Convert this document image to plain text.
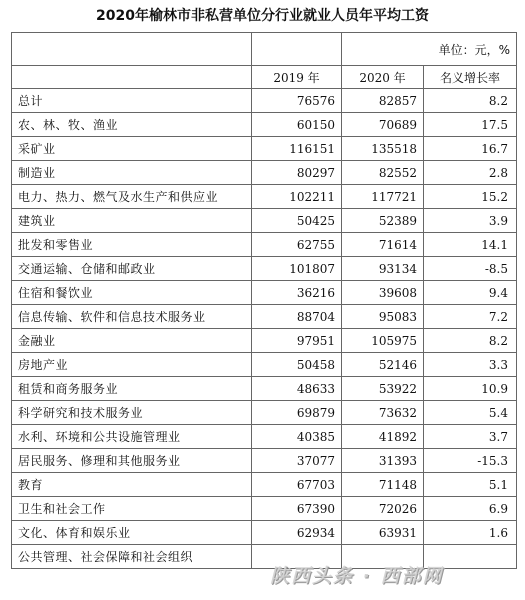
2020年榆林市非私营单位分行业就业人员年平均工资
		单位：元，%	
	2019 年	2020 年	名义增长率
总计	76576	82857	8.2
农、林、牧、渔业	60150	70689	17.5
采矿业	116151	135518	16.7
制造业	80297	82552	2.8
电力、热力、燃气及水生产和供应业	102211	117721	15.2
建筑业	50425	52389	3.9
批发和零售业	62755	71614	14.1
交通运输、仓储和邮政业	101807	93134	-8.5
住宿和餐饮业	36216	39608	9.4
信息传输、软件和信息技术服务业	88704	95083	7.2
金融业	97951	105975	8.2
房地产业	50458	52146	3.3
租赁和商务服务业	48633	53922	10.9
科学研究和技术服务业	69879	73632	5.4
水利、环境和公共设施管理业	40385	41892	3.7
居民服务、修理和其他服务业	37077	31393	-15.3
教育	67703	71148	5.1
卫生和社会工作	67390	72026	6.9
文化、体育和娱乐业	62934	63931	1.6
公共管理、社会保障和社会组织			
陕西头条 · 西部网
